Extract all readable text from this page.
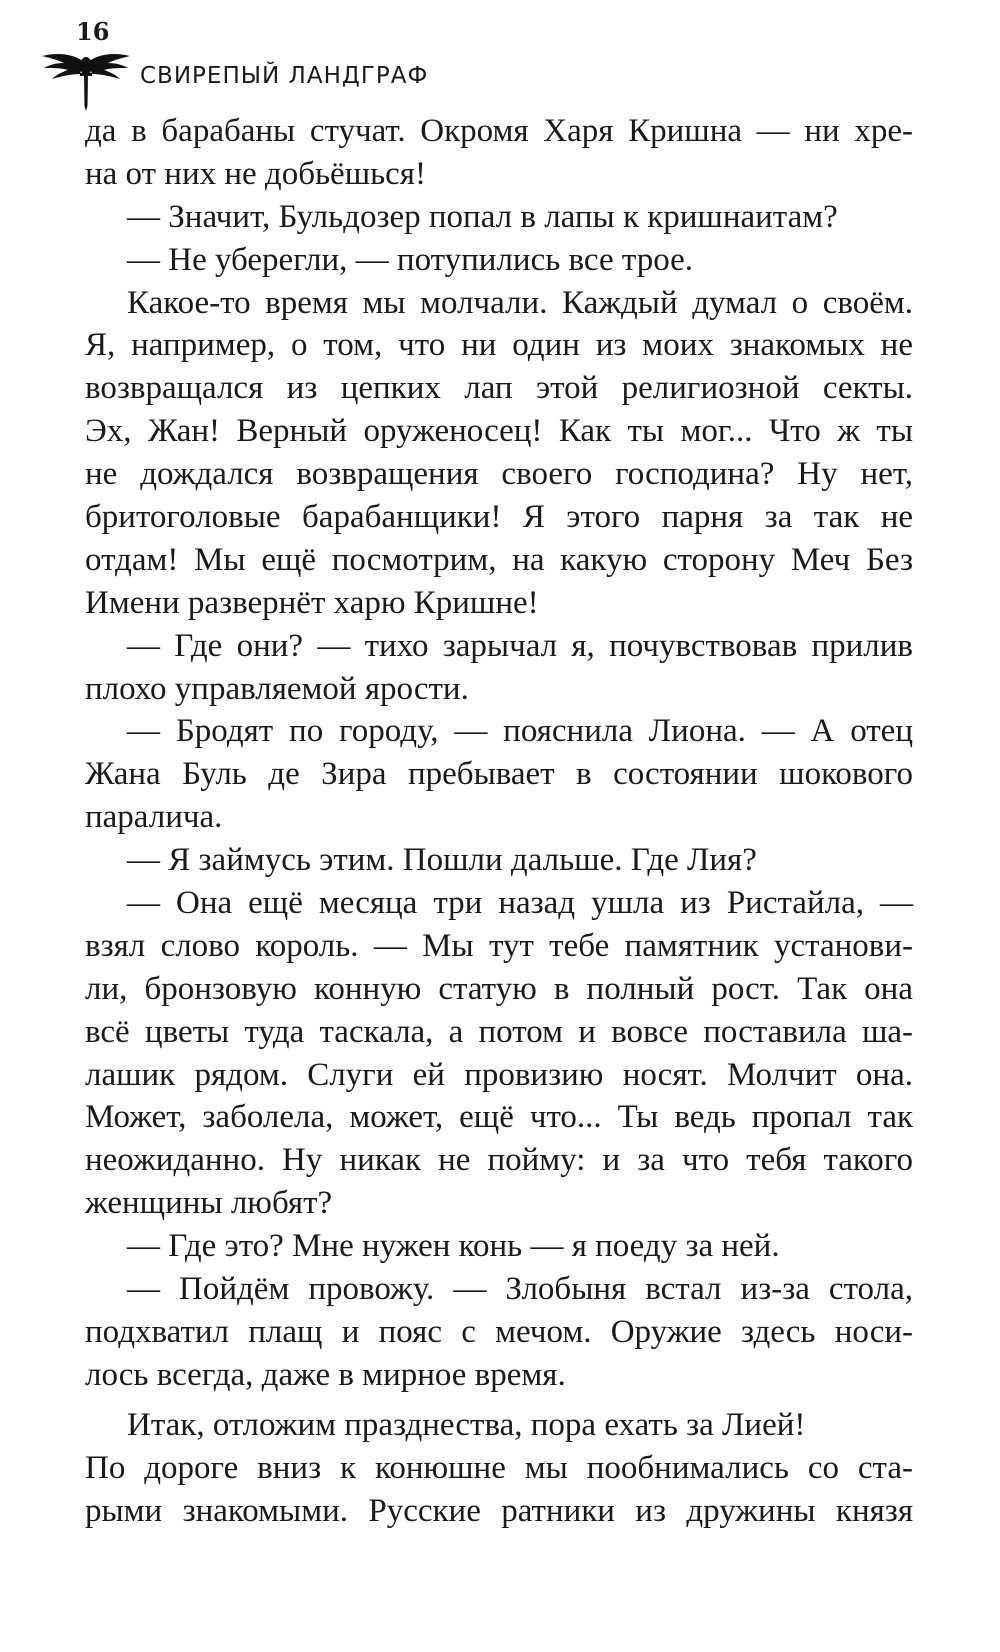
16
СВИРЕПЫЙ ЛАНДГРАФ
да в барабаны стучат. Окромя Харя Кришна — ни хре-
на от них не добьёшься!
— Значит, Бульдозер попал в лапы к кришнаитам?
— Не уберегли, — потупились все трое.
Какое-то время мы молчали. Каждый думал о своём.
Я, например, о том, что ни один из моих знакомых не
возвращался из цепких лап этой религиозной секты.
Эх, Жан! Верный оруженосец! Как ты мог... Что ж ты
не дождался возвращения своего господина? Ну нет,
бритоголовые барабанщики! Я этого парня за так не
отдам! Мы ещё посмотрим, на какую сторону Меч Без
Имени развернёт харю Кришне!
— Где они? — тихо зарычал я, почувствовав прилив
плохо управляемой ярости.
— Бродят по городу, — пояснила Лиона. — А отец
Жана Буль де Зира пребывает в состоянии шокового
паралича.
— Я займусь этим. Пошли дальше. Где Лия?
— Она ещё месяца три назад ушла из Ристайла, —
взял слово король. — Мы тут тебе памятник установи-
ли, бронзовую конную статую в полный рост. Так она
всё цветы туда таскала, а потом и вовсе поставила ша-
лашик рядом. Слуги ей провизию носят. Молчит она.
Может, заболела, может, ещё что... Ты ведь пропал так
неожиданно. Ну никак не пойму: и за что тебя такого
женщины любят?
— Где это? Мне нужен конь — я поеду за ней.
— Пойдём провожу. — Злобыня встал из-за стола,
подхватил плащ и пояс с мечом. Оружие здесь носи-
лось всегда, даже в мирное время.
Итак, отложим празднества, пора ехать за Лией!
По дороге вниз к конюшне мы пообнимались со ста-
рыми знакомыми. Русские ратники из дружины князя
